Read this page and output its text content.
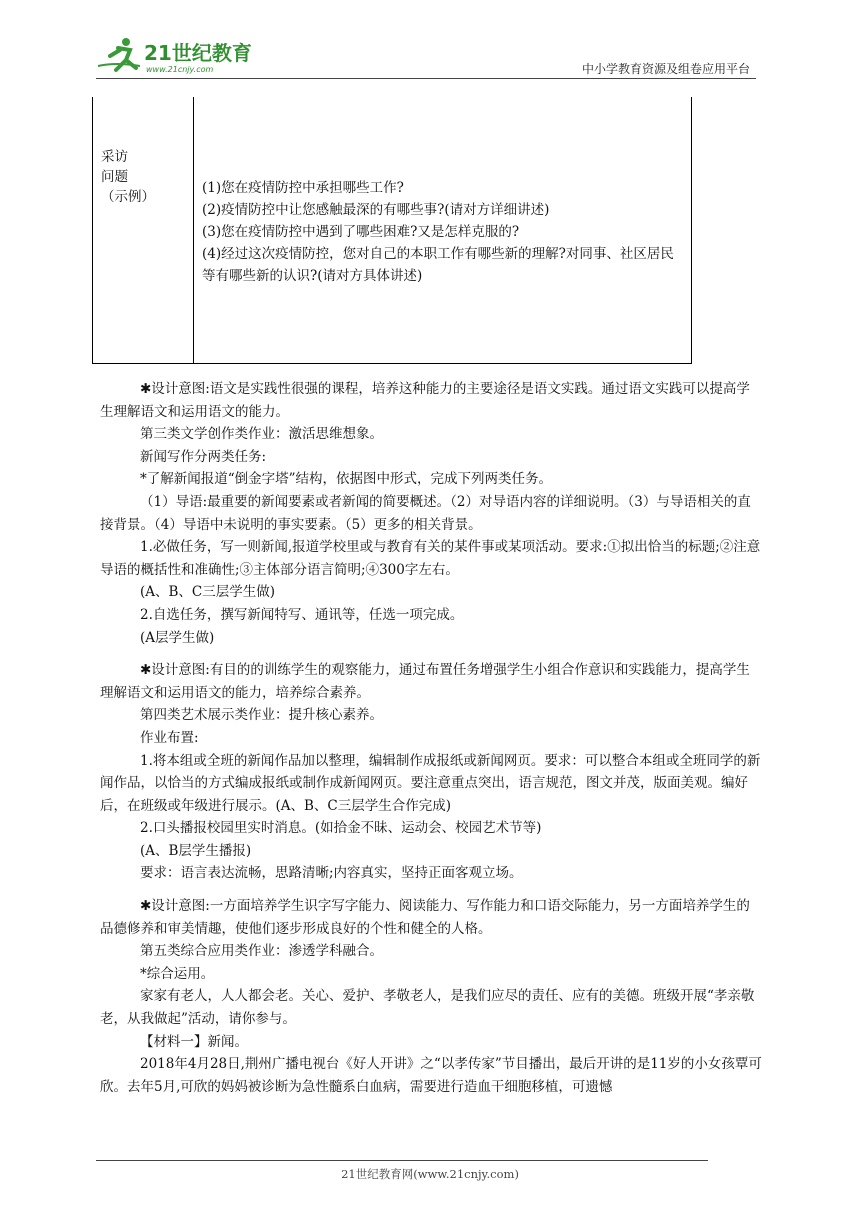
21世纪教育
www.21cnjy.com	中小学教育资源及组卷应用平台
采访
问题
（示例）

(1)您在疫情防控中承担哪些工作?

(2)疫情防控中让您感触最深的有哪些事?(请对方详细讲述)

(3)您在疫情防控中遇到了哪些困难?又是怎样克服的?

(4)经过这次疫情防控，您对自己的本职工作有哪些新的理解?对同事、社区居民等有哪些新的认识?(请对方具体讲述)

✱设计意图:语文是实践性很强的课程，培养这种能力的主要途径是语文实践。通过语文实践可以提高学生理解语文和运用语文的能力。

第三类文学创作类作业：激活思维想象。

新闻写作分两类任务:

*了解新闻报道“倒金字塔”结构，依据图中形式，完成下列两类任务。

（1）导语:最重要的新闻要素或者新闻的简要概述。（2）对导语内容的详细说明。（3）与导语相关的直接背景。（4）导语中未说明的事实要素。（5）更多的相关背景。

1.必做任务，写一则新闻,报道学校里或与教育有关的某件事或某项活动。要求:①拟出恰当的标题;②注意导语的概括性和准确性;③主体部分语言简明;④300字左右。

(A、B、C三层学生做)

2.自选任务，撰写新闻特写、通讯等，任选一项完成。

(A层学生做)

✱设计意图:有目的的训练学生的观察能力，通过布置任务增强学生小组合作意识和实践能力，提高学生理解语文和运用语文的能力，培养综合素养。

第四类艺术展示类作业：提升核心素养。

作业布置:

1.将本组或全班的新闻作品加以整理，编辑制作成报纸或新闻网页。要求：可以整合本组或全班同学的新闻作品，以恰当的方式编成报纸或制作成新闻网页。要注意重点突出，语言规范，图文并茂，版面美观。编好后，在班级或年级进行展示。(A、B、C三层学生合作完成)

2.口头播报校园里实时消息。(如拾金不昧、运动会、校园艺术节等)

(A、B层学生播报)

要求：语言表达流畅，思路清晰;内容真实，坚持正面客观立场。

✱设计意图:一方面培养学生识字写字能力、阅读能力、写作能力和口语交际能力，另一方面培养学生的品德修养和审美情趣，使他们逐步形成良好的个性和健全的人格。

第五类综合应用类作业：渗透学科融合。

*综合运用。

家家有老人，人人都会老。关心、爱护、孝敬老人，是我们应尽的责任、应有的美德。班级开展“孝亲敬老，从我做起”活动，请你参与。

【材料一】新闻。

2018年4月28日,荆州广播电视台《好人开讲》之“以孝传家”节目播出，最后开讲的是11岁的小女孩覃可欣。去年5月,可欣的妈妈被诊断为急性髓系白血病，需要进行造血干细胞移植，可遗憾

21世纪教育网(www.21cnjy.com)
